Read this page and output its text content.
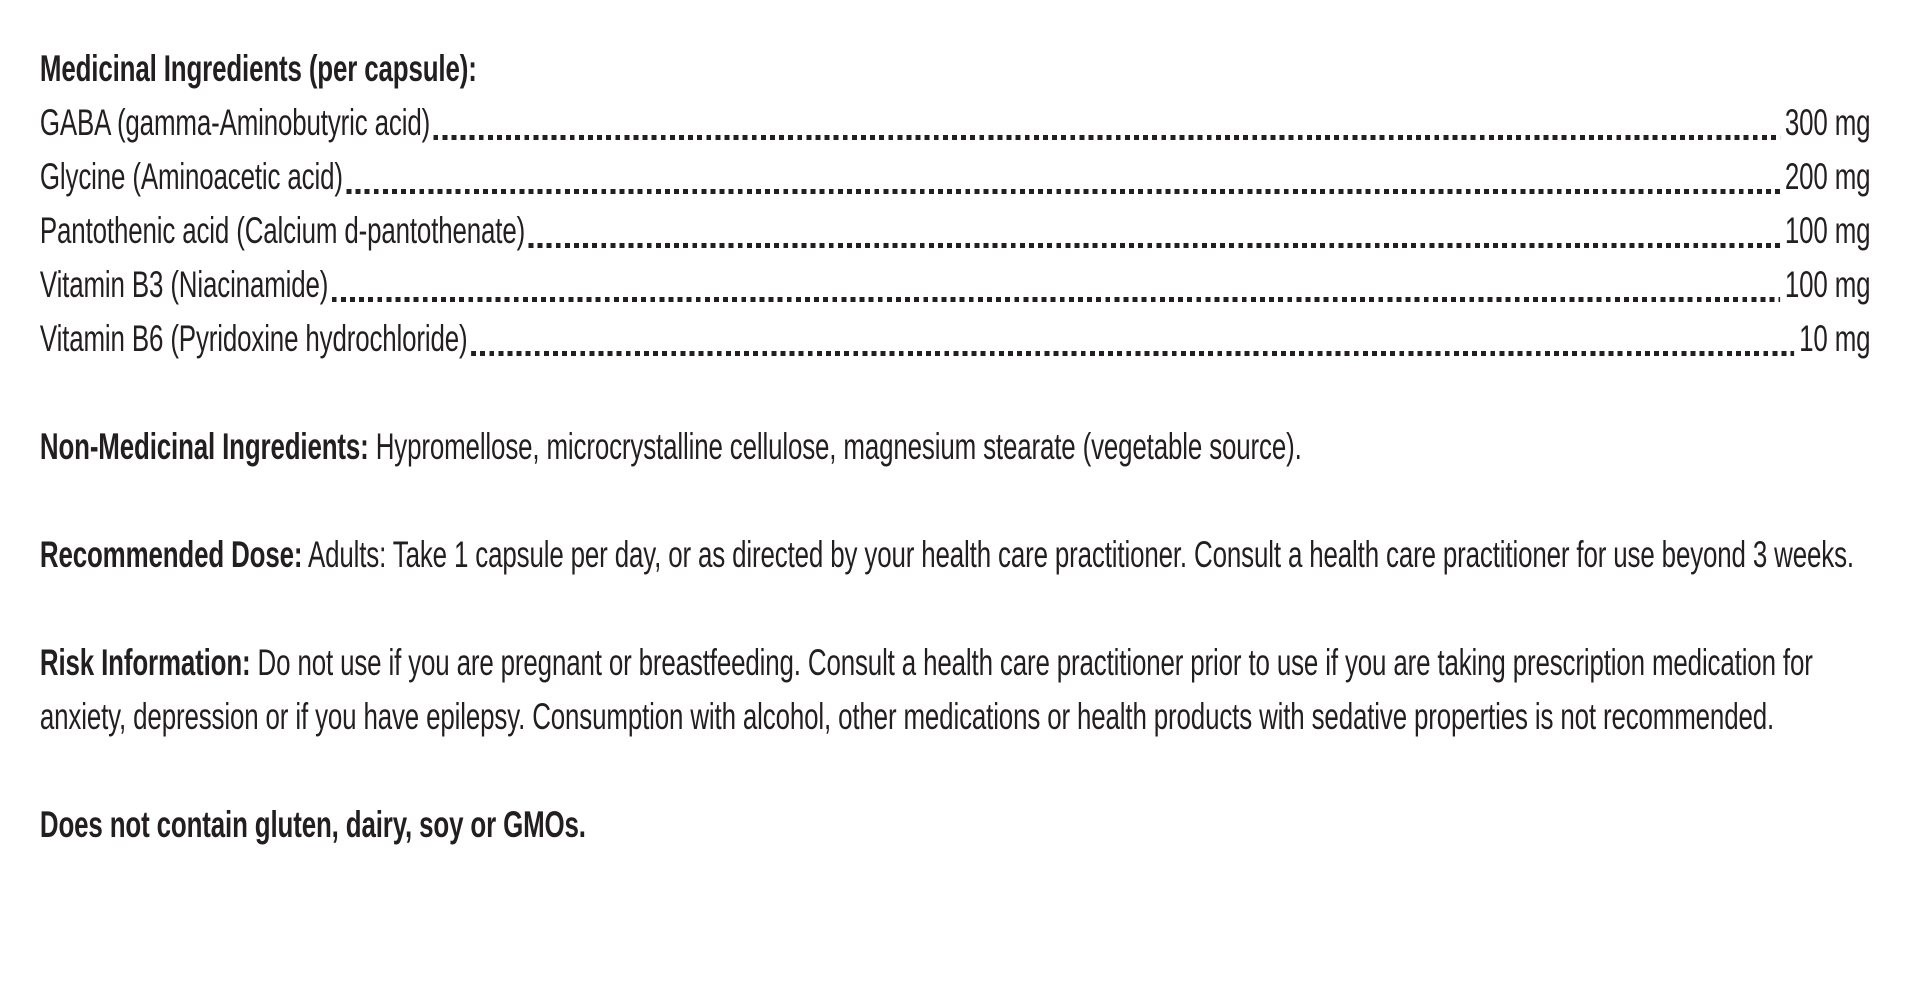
Medicinal Ingredients (per capsule):
GABA (gamma-Aminobutyric acid)	300 mg
Glycine (Aminoacetic acid)	200 mg
Pantothenic acid (Calcium d-pantothenate)	100 mg
Vitamin B3 (Niacinamide)	100 mg
Vitamin B6 (Pyridoxine hydrochloride)	10 mg

Non-Medicinal Ingredients: Hypromellose, microcrystalline cellulose, magnesium stearate (vegetable source).

Recommended Dose: Adults: Take 1 capsule per day, or as directed by your health care practitioner. Consult a health care practitioner for use beyond 3 weeks.

Risk Information: Do not use if you are pregnant or breastfeeding. Consult a health care practitioner prior to use if you are taking prescription medication for anxiety, depression or if you have epilepsy. Consumption with alcohol, other medications or health products with sedative properties is not recommended.

Does not contain gluten, dairy, soy or GMOs.
